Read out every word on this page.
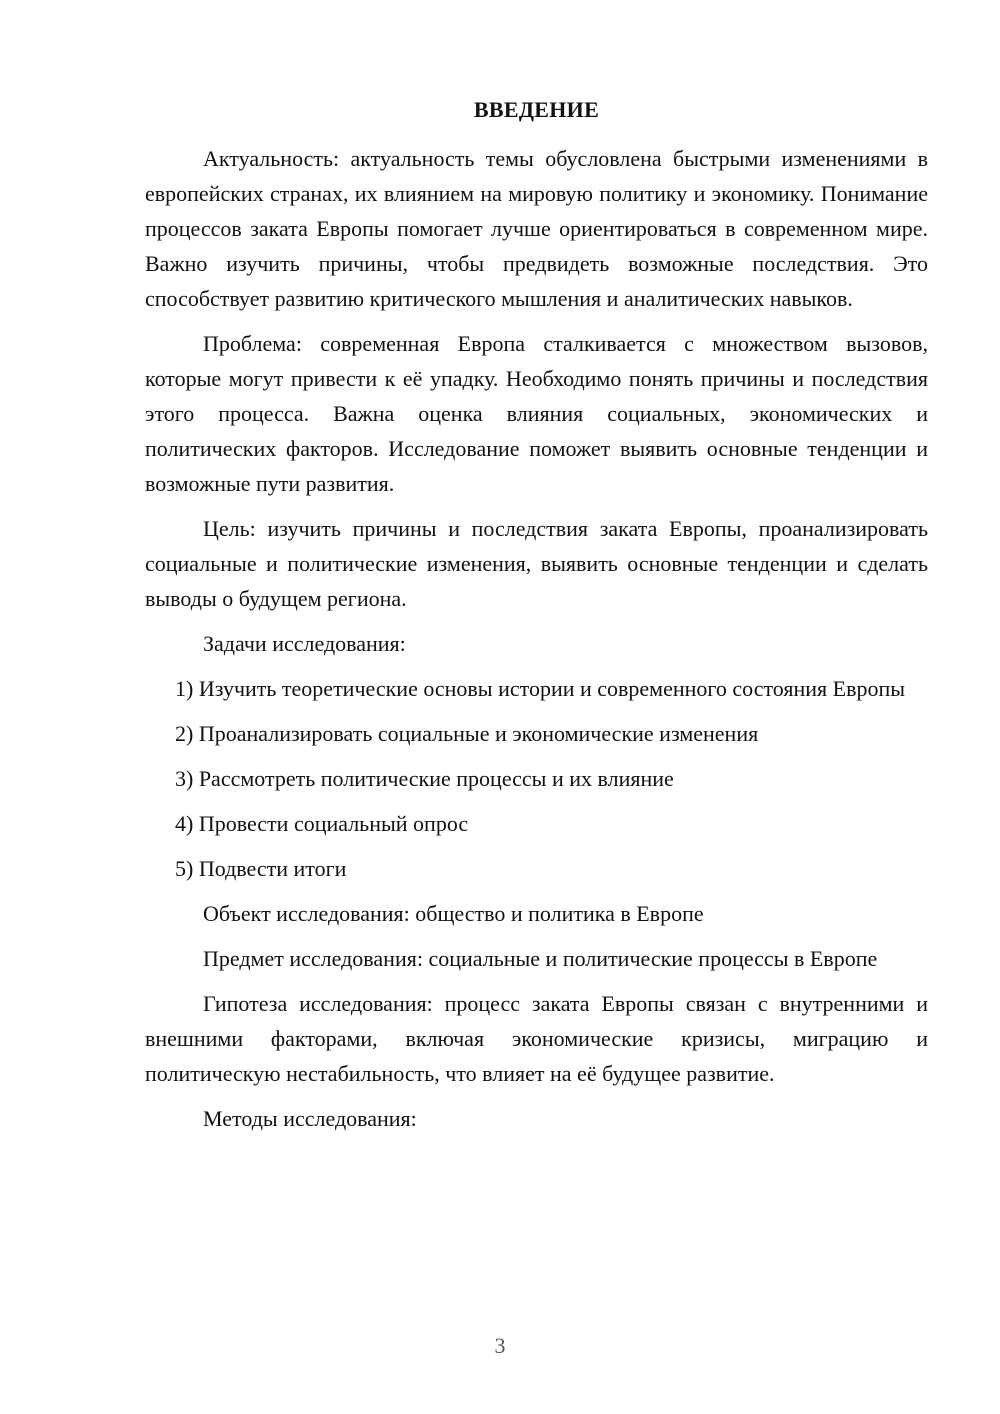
ВВЕДЕНИЕ

Актуальность: актуальность темы обусловлена быстрыми изменениями в европейских странах, их влиянием на мировую политику и экономику. Понимание процессов заката Европы помогает лучше ориентироваться в современном мире. Важно изучить причины, чтобы предвидеть возможные последствия. Это способствует развитию критического мышления и аналитических навыков.

Проблема: современная Европа сталкивается с множеством вызовов, которые могут привести к её упадку. Необходимо понять причины и последствия этого процесса. Важна оценка влияния социальных, экономических и политических факторов. Исследование поможет выявить основные тенденции и возможные пути развития.

Цель: изучить причины и последствия заката Европы, проанализировать социальные и политические изменения, выявить основные тенденции и сделать выводы о будущем региона.

Задачи исследования:

1) Изучить теоретические основы истории и современного состояния Европы

2) Проанализировать социальные и экономические изменения

3) Рассмотреть политические процессы и их влияние

4) Провести социальный опрос

5) Подвести итоги

Объект исследования: общество и политика в Европе

Предмет исследования: социальные и политические процессы в Европе

Гипотеза исследования: процесс заката Европы связан с внутренними и внешними факторами, включая экономические кризисы, миграцию и политическую нестабильность, что влияет на её будущее развитие.

Методы исследования:

3
